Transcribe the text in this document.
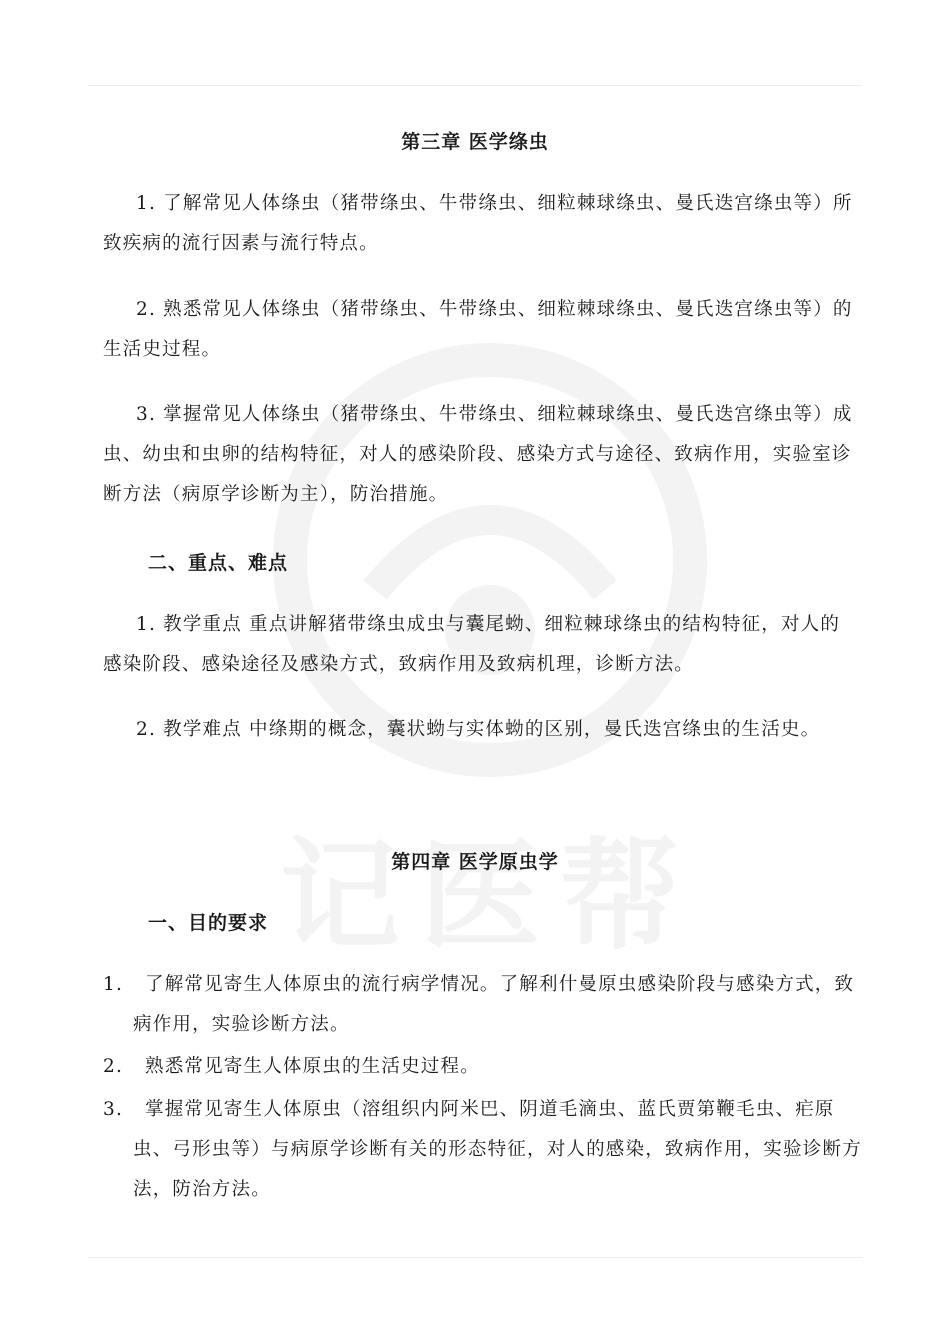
第三章 医学绦虫
1. 了解常见人体绦虫（猪带绦虫、牛带绦虫、细粒棘球绦虫、曼氏迭宫绦虫等）所致疾病的流行因素与流行特点。
2. 熟悉常见人体绦虫（猪带绦虫、牛带绦虫、细粒棘球绦虫、曼氏迭宫绦虫等）的生活史过程。
3. 掌握常见人体绦虫（猪带绦虫、牛带绦虫、细粒棘球绦虫、曼氏迭宫绦虫等）成虫、幼虫和虫卵的结构特征，对人的感染阶段、感染方式与途径、致病作用，实验室诊断方法（病原学诊断为主），防治措施。
二、重点、难点
1. 教学重点 重点讲解猪带绦虫成虫与囊尾蚴、细粒棘球绦虫的结构特征，对人的感染阶段、感染途径及感染方式，致病作用及致病机理，诊断方法。
2. 教学难点 中绦期的概念，囊状蚴与实体蚴的区别，曼氏迭宫绦虫的生活史。
第四章 医学原虫学
一、目的要求
1.	了解常见寄生人体原虫的流行病学情况。了解利什曼原虫感染阶段与感染方式，致病作用，实验诊断方法。
2.	熟悉常见寄生人体原虫的生活史过程。
3.	掌握常见寄生人体原虫（溶组织内阿米巴、阴道毛滴虫、蓝氏贾第鞭毛虫、疟原虫、弓形虫等）与病原学诊断有关的形态特征，对人的感染，致病作用，实验诊断方法，防治方法。
